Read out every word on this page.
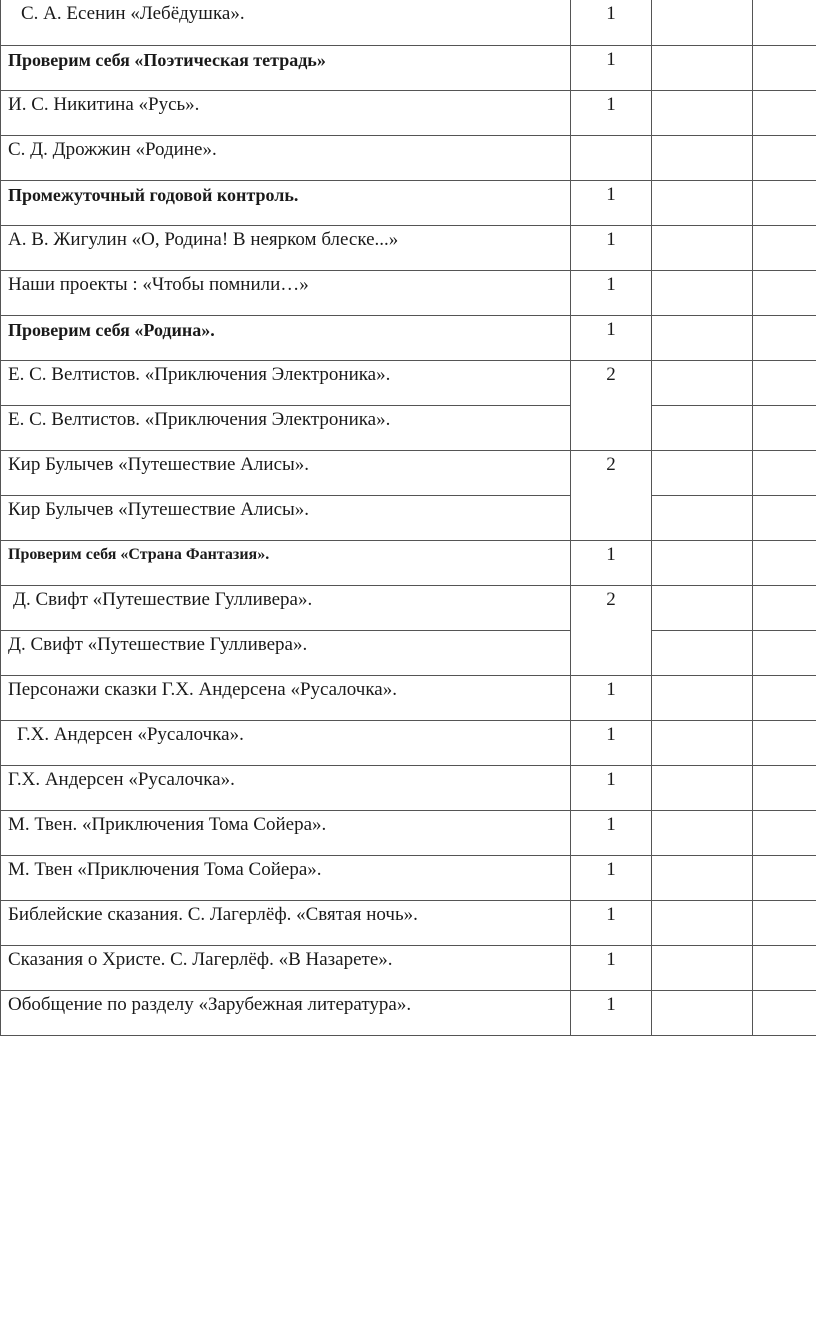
С. А. Есенин «Лебёдушка».	1		
Проверим себя «Поэтическая тетрадь»	1		
И. С. Никитина «Русь».	1		
С. Д. Дрожжин «Родине».			
Промежуточный годовой контроль.	1		
А. В. Жигулин «О, Родина! В неярком блеске...»	1		
Наши проекты : «Чтобы помнили…»	1		
Проверим себя «Родина».	1		
Е. С. Велтистов. «Приключения Электроника».	2		
Е. С. Велтистов. «Приключения Электроника».			
Кир Булычев «Путешествие Алисы».	2		
Кир Булычев «Путешествие Алисы».			
Проверим себя «Страна Фантазия».	1		
Д. Свифт «Путешествие Гулливера».	2		
Д. Свифт «Путешествие Гулливера».			
Персонажи сказки Г.Х. Андерсена «Русалочка».	1		
Г.Х. Андерсен «Русалочка».	1		
Г.Х. Андерсен «Русалочка».	1		
М. Твен. «Приключения Тома Сойера».	1		
М. Твен «Приключения Тома Сойера».	1		
Библейские сказания. С. Лагерлёф. «Святая ночь».	1		
Сказания о Христе. С. Лагерлёф. «В Назарете».	1		
Обобщение по разделу «Зарубежная литература».	1		
